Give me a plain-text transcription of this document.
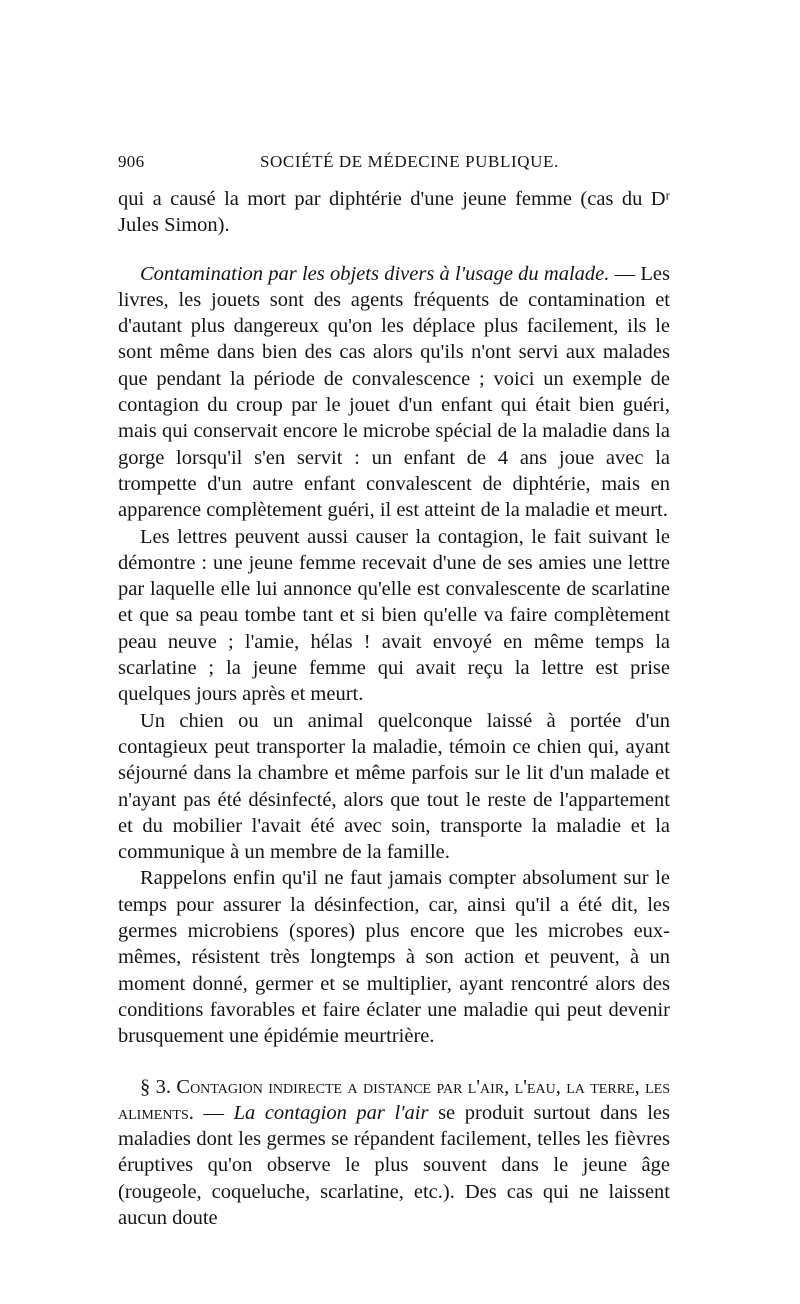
906	SOCIÉTÉ DE MÉDECINE PUBLIQUE.

qui a causé la mort par diphtérie d'une jeune femme (cas du Dʳ Jules Simon).

Contamination par les objets divers à l'usage du malade. — Les livres, les jouets sont des agents fréquents de contamination et d'autant plus dangereux qu'on les déplace plus facilement, ils le sont même dans bien des cas alors qu'ils n'ont servi aux malades que pendant la période de convalescence ; voici un exemple de contagion du croup par le jouet d'un enfant qui était bien guéri, mais qui conservait encore le microbe spécial de la maladie dans la gorge lorsqu'il s'en servit : un enfant de 4 ans joue avec la trompette d'un autre enfant convalescent de diphtérie, mais en apparence complètement guéri, il est atteint de la maladie et meurt.

Les lettres peuvent aussi causer la contagion, le fait suivant le démontre : une jeune femme recevait d'une de ses amies une lettre par laquelle elle lui annonce qu'elle est convalescente de scarlatine et que sa peau tombe tant et si bien qu'elle va faire complètement peau neuve ; l'amie, hélas ! avait envoyé en même temps la scarlatine ; la jeune femme qui avait reçu la lettre est prise quelques jours après et meurt.

Un chien ou un animal quelconque laissé à portée d'un contagieux peut transporter la maladie, témoin ce chien qui, ayant séjourné dans la chambre et même parfois sur le lit d'un malade et n'ayant pas été désinfecté, alors que tout le reste de l'appartement et du mobilier l'avait été avec soin, transporte la maladie et la communique à un membre de la famille.

Rappelons enfin qu'il ne faut jamais compter absolument sur le temps pour assurer la désinfection, car, ainsi qu'il a été dit, les germes microbiens (spores) plus encore que les microbes eux-mêmes, résistent très longtemps à son action et peuvent, à un moment donné, germer et se multiplier, ayant rencontré alors des conditions favorables et faire éclater une maladie qui peut devenir brusquement une épidémie meurtrière.

§ 3. Contagion indirecte a distance par l'air, l'eau, la terre, les aliments. — La contagion par l'air se produit surtout dans les maladies dont les germes se répandent facilement, telles les fièvres éruptives qu'on observe le plus souvent dans le jeune âge (rougeole, coqueluche, scarlatine, etc.). Des cas qui ne laissent aucun doute
